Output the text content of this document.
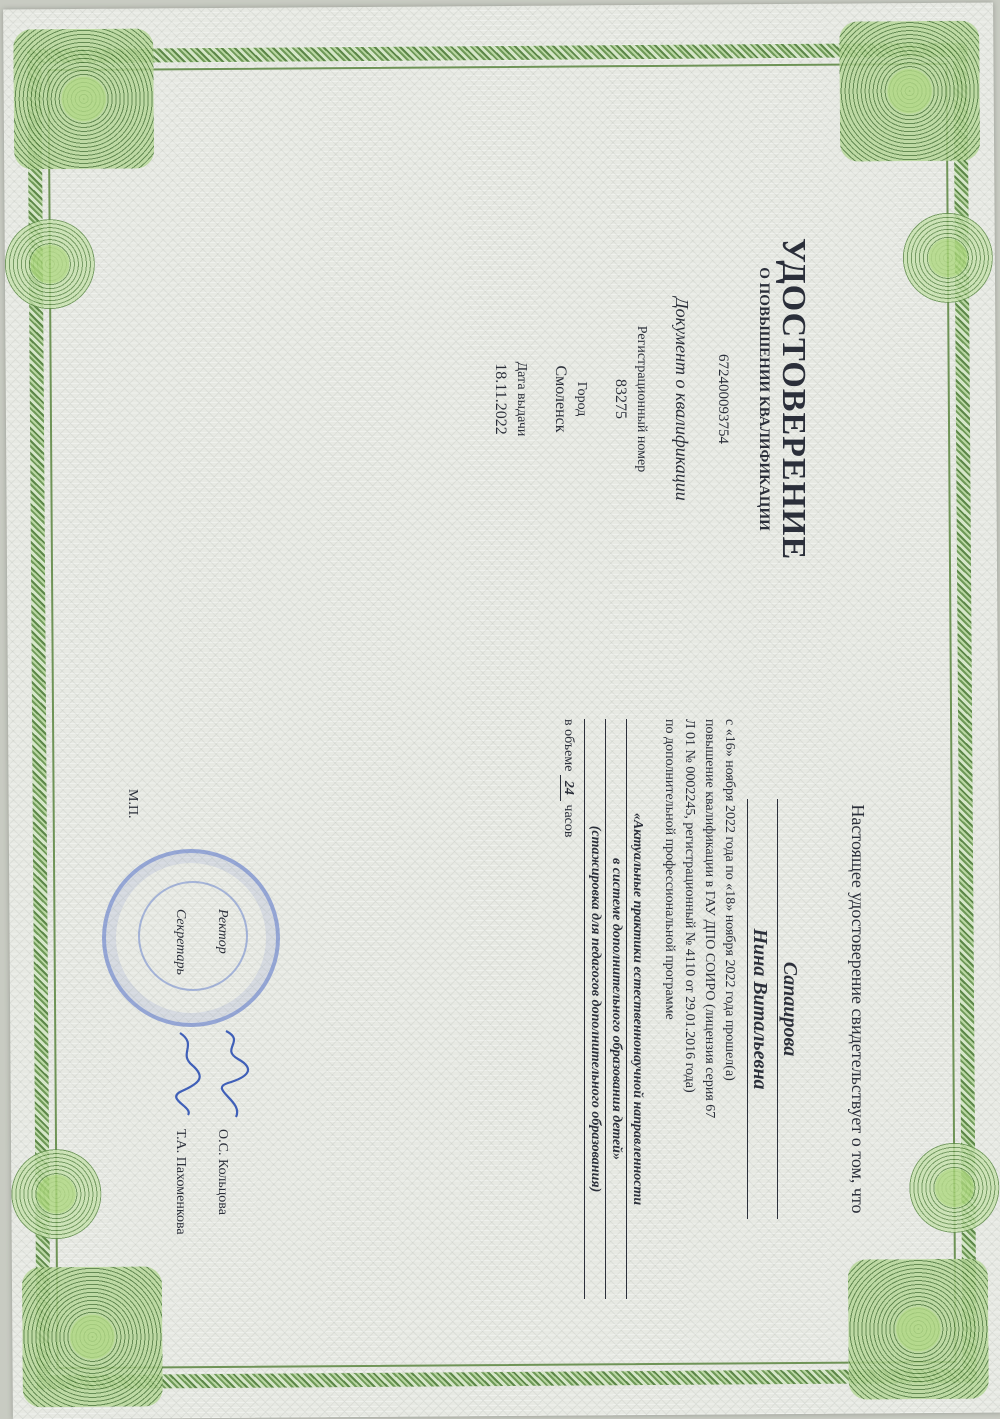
УДОСТОВЕРЕНИЕ
О ПОВЫШЕНИИ КВАЛИФИКАЦИИ
672400093754
Документ о квалификации
Регистрационный номер
83275
Город
Смоленск
Дата выдачи
18.11.2022
Настоящее удостоверение свидетельствует о том, что
Сапаирова
Нина Витальевна
с «16» ноября 2022 года по «18» ноября 2022 года прошел(а)
повышение квалификации в ГАУ ДПО СОИРО (лицензия серия 67
Л 01 № 0002245, регистрационный № 4110 от 29.01.2016 года)
по дополнительной профессиональной программе
«Актуальные практики естественнонаучной направленности
в системе дополнительного образования детей»
(стажировка для педагогов дополнительного образования)
в объеме 24 часов
Ректор
О.С. Кольцова
Секретарь
Т.А. Пахоменкова
М.П.
